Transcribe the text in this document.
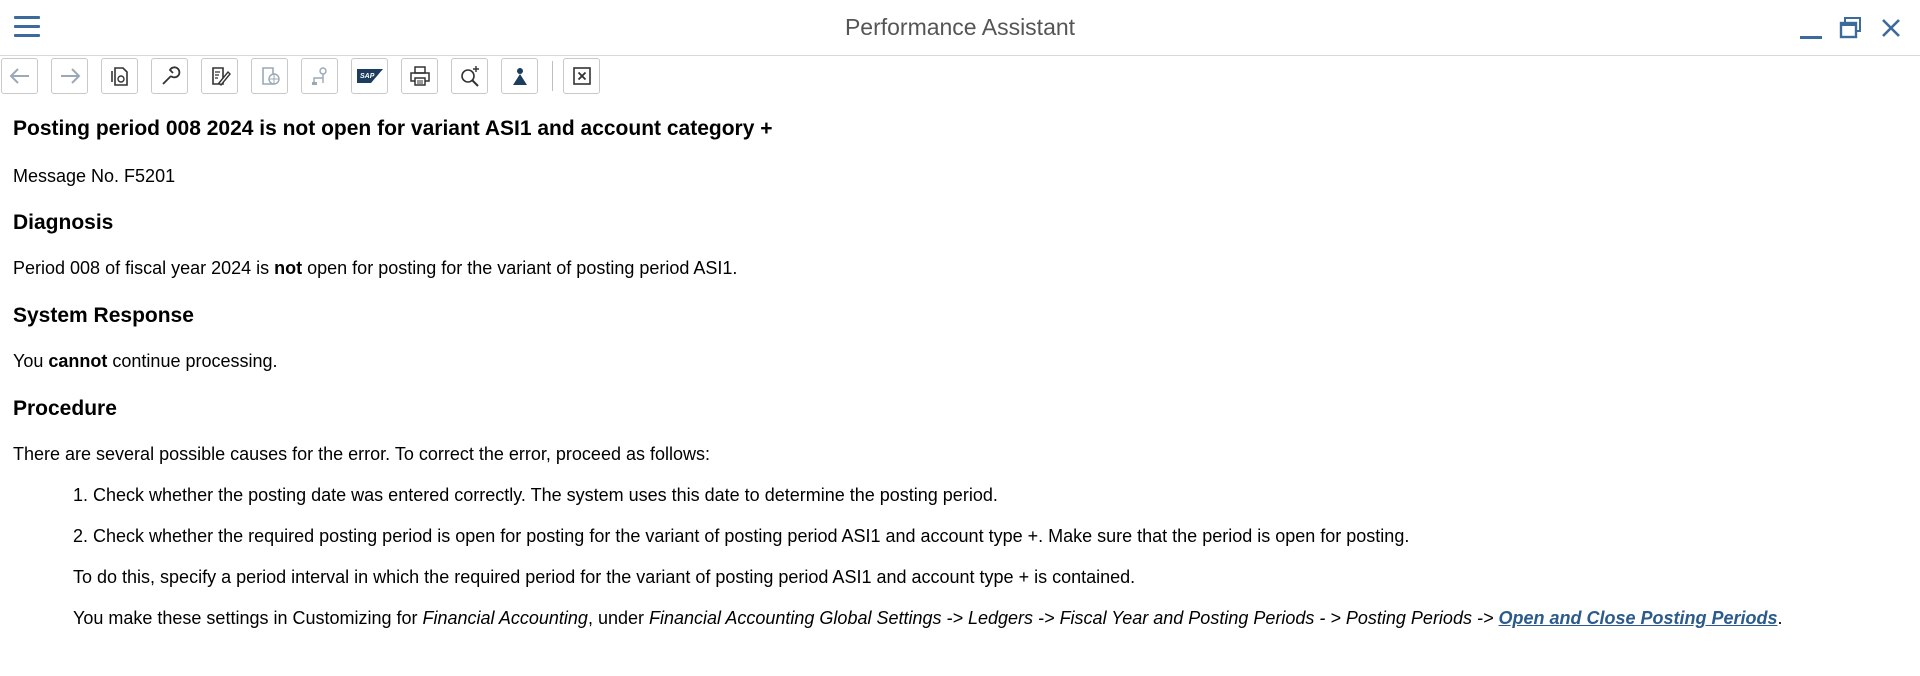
Performance Assistant
SAP
Posting period 008 2024 is not open for variant ASI1 and account category +

Message No. F5201

Diagnosis

Period 008 of fiscal year 2024 is not open for posting for the variant of posting period ASI1.

System Response

You cannot continue processing.

Procedure

There are several possible causes for the error. To correct the error, proceed as follows:

1. Check whether the posting date was entered correctly. The system uses this date to determine the posting period.

2. Check whether the required posting period is open for posting for the variant of posting period ASI1 and account type +. Make sure that the period is open for posting.

To do this, specify a period interval in which the required period for the variant of posting period ASI1 and account type + is contained.

You make these settings in Customizing for Financial Accounting, under Financial Accounting Global Settings -> Ledgers -> Fiscal Year and Posting Periods - > Posting Periods -> Open and Close Posting Periods.
